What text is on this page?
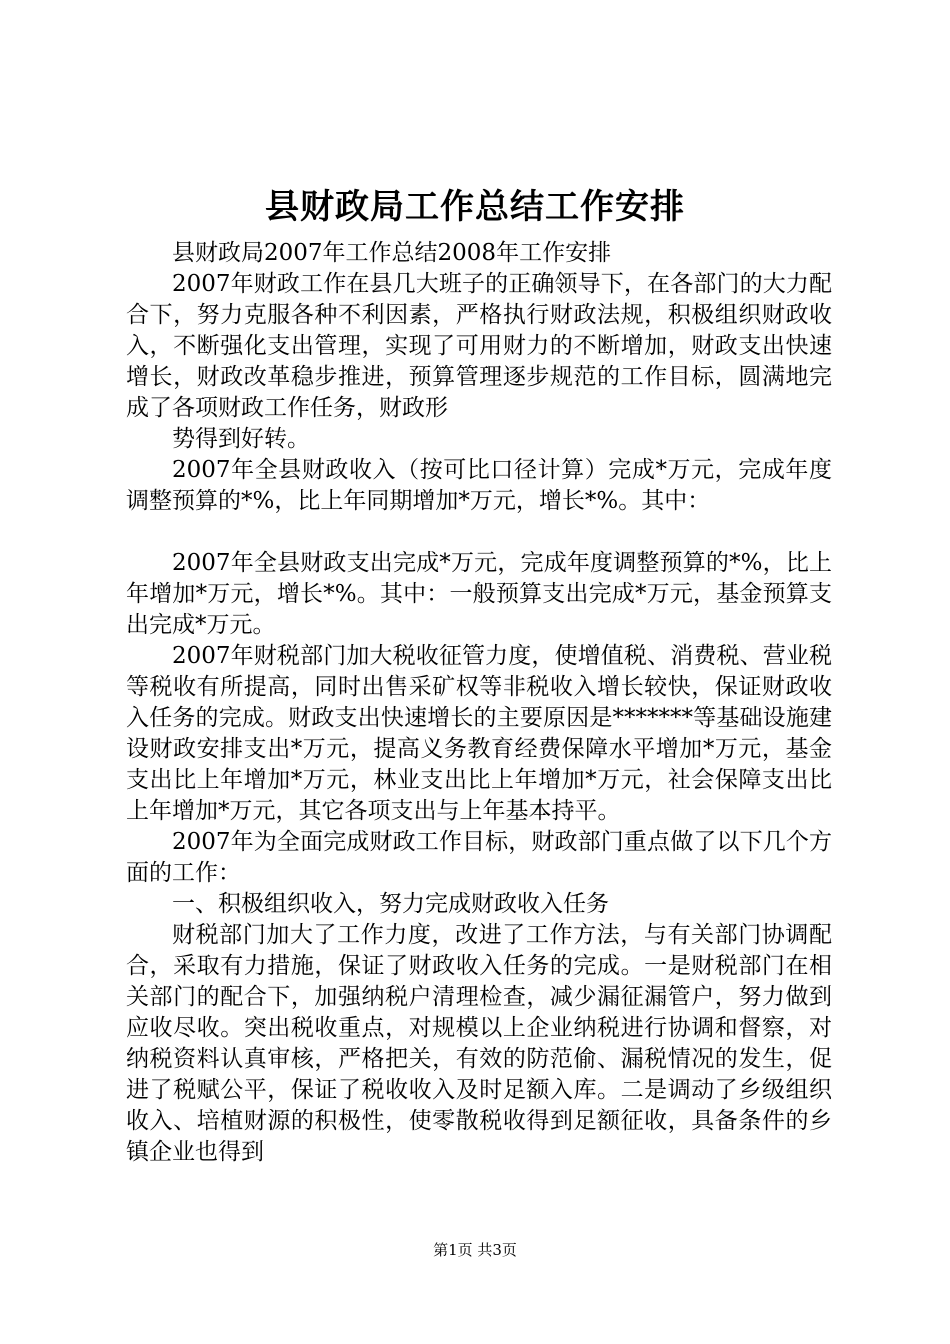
县财政局工作总结工作安排

县财政局2007年工作总结2008年工作安排

2007年财政工作在县几大班子的正确领导下，在各部门的大力配合下，努力克服各种不利因素，严格执行财政法规，积极组织财政收入，不断强化支出管理，实现了可用财力的不断增加，财政支出快速增长，财政改革稳步推进，预算管理逐步规范的工作目标，圆满地完成了各项财政工作任务，财政形

势得到好转。

2007年全县财政收入（按可比口径计算）完成*万元，完成年度调整预算的*%，比上年同期增加*万元，增长*%。其中：

2007年全县财政支出完成*万元，完成年度调整预算的*%，比上年增加*万元，增长*%。其中：一般预算支出完成*万元，基金预算支出完成*万元。

2007年财税部门加大税收征管力度，使增值税、消费税、营业税等税收有所提高，同时出售采矿权等非税收入增长较快，保证财政收入任务的完成。财政支出快速增长的主要原因是*******等基础设施建设财政安排支出*万元，提高义务教育经费保障水平增加*万元，基金支出比上年增加*万元，林业支出比上年增加*万元，社会保障支出比上年增加*万元，其它各项支出与上年基本持平。

2007年为全面完成财政工作目标，财政部门重点做了以下几个方面的工作：

一、积极组织收入，努力完成财政收入任务

财税部门加大了工作力度，改进了工作方法，与有关部门协调配合，采取有力措施，保证了财政收入任务的完成。一是财税部门在相关部门的配合下，加强纳税户清理检查，减少漏征漏管户，努力做到应收尽收。突出税收重点，对规模以上企业纳税进行协调和督察，对纳税资料认真审核，严格把关，有效的防范偷、漏税情况的发生，促进了税赋公平，保证了税收收入及时足额入库。二是调动了乡级组织收入、培植财源的积极性，使零散税收得到足额征收，具备条件的乡镇企业也得到

第1页 共3页
